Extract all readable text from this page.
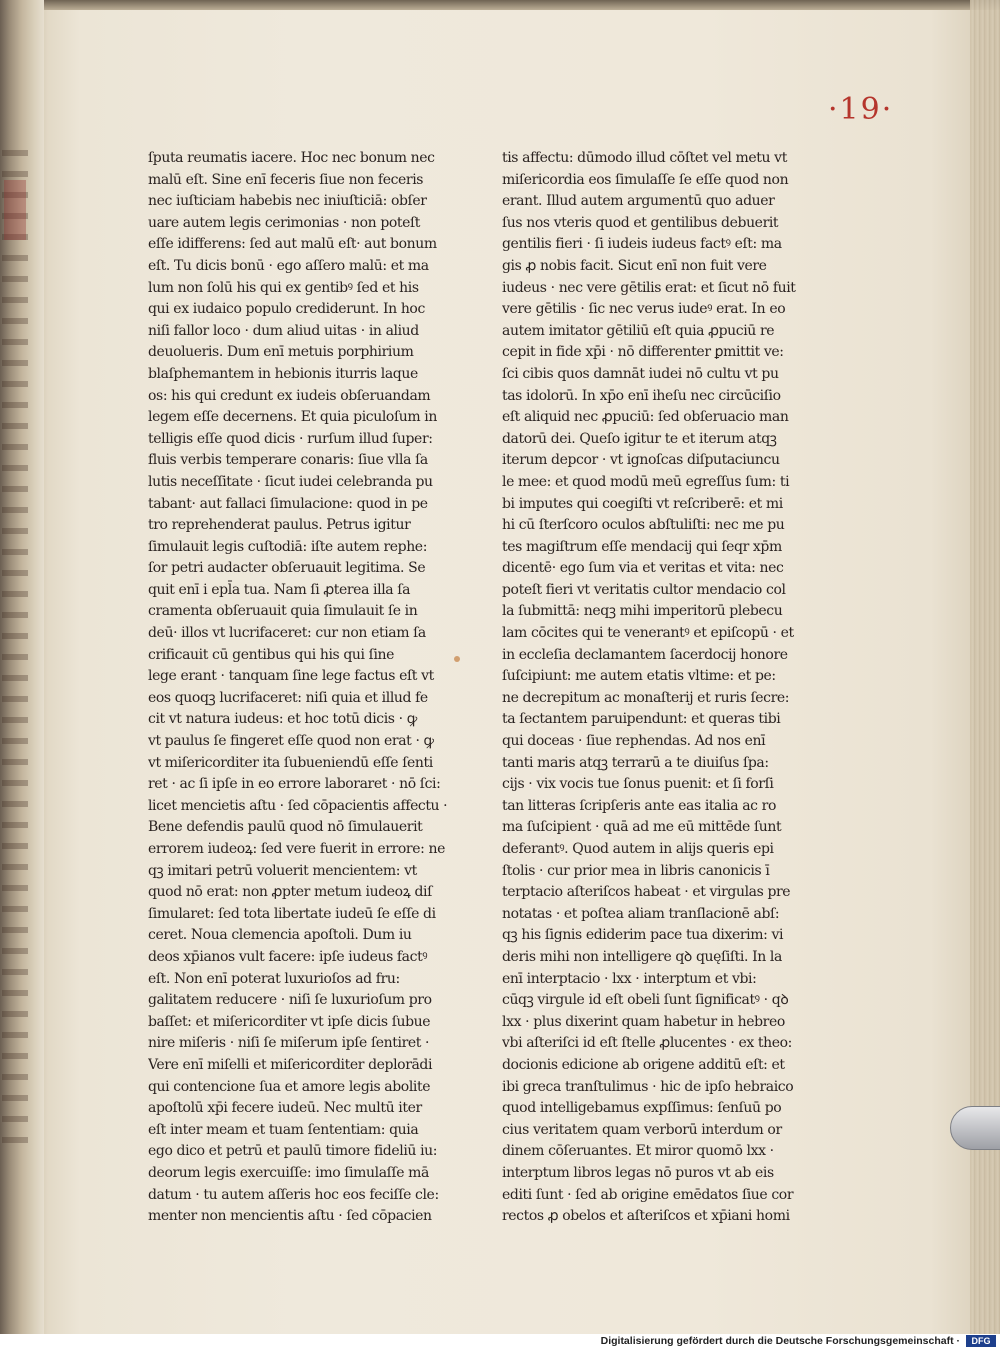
·19·
ſputa reumatis iacere. Hoc nec bonum nec
malū eſt. Sine enī feceris ſiue non feceris
nec iuſticiam habebis nec iniuſticiā: obſer
uare autem legis cerimonias · non poteſt
eſſe idifferens: ſed aut malū eſt· aut bonum
eſt. Tu dicis bonū · ego aſſero malū: et ma
lum non ſolū his qui ex gentibꝰ ſed et his
qui ex iudaico populo crediderunt. In hoc
niſi fallor loco · dum aliud uitas · in aliud
deuolueris. Dum enī metuis porphirium
blaſphemantem in hebionis iturris laque
os: his qui credunt ex iudeis obſeruandam
legem eſſe decernens. Et quia piculoſum in
telligis eſſe quod dicis · rurſum illud ſuper:
fluis verbis temperare conaris: ſiue vlla ſa
lutis neceſſitate · ſicut iudei celebranda pu
tabant· aut fallaci ſimulacione: quod in pe
tro reprehenderat paulus. Petrus igitur
ſimulauit legis cuſtodiā: iſte autem rephe:
ſor petri audacter obſeruauit legitima. Se
quit enī i epl̄a tua. Nam ſi ꝓterea illa ſa
cramenta obſeruauit quia ſimulauit ſe in
deū· illos vt lucrifaceret: cur non etiam ſa
crificauit cū gentibus qui his qui ſine
lege erant · tanquam ſine lege factus eſt vt
eos quoqꝫ lucrifaceret: niſi quia et illud fe
cit vt natura iudeus: et hoc totū dicis · ꝙ
vt paulus ſe fingeret eſſe quod non erat · ꝙ
vt miſericorditer ita ſubueniendū eſſe ſenti
ret · ac ſi ipſe in eo errore laboraret · nō ſci:
licet mencietis aſtu · ſed cōpacientis affectu ·
Bene defendis paulū quod nō ſimulauerit
errorem iudeoꝝ: ſed vere fuerit in errore: ne
qꝫ imitari petrū voluerit mencientem: vt
quod nō erat: non ꝓpter metum iudeoꝝ diſ
ſimularet: ſed tota libertate iudeū ſe eſſe di
ceret. Noua clemencia apoſtoli. Dum iu
deos xp̄ianos vult facere: ipſe iudeus factꝰ
eſt. Non enī poterat luxurioſos ad fru:
galitatem reducere · niſi ſe luxurioſum pro
baſſet: et miſericorditer vt ipſe dicis ſubue
nire miſeris · niſi ſe miſerum ipſe ſentiret ·
Vere enī miſelli et miſericorditer deplorādi
qui contencione ſua et amore legis abolite
apoſtolū xp̄i fecere iudeū. Nec multū iter
eſt inter meam et tuam ſententiam: quia
ego dico et petrū et paulū timore fideliū iu:
deorum legis exercuiſſe: imo ſimulaſſe mā
datum · tu autem aſſeris hoc eos feciſſe cle:
menter non mencientis aſtu · ſed cōpacien
tis affectu: dūmodo illud cōſtet vel metu vt
miſericordia eos ſimulaſſe ſe eſſe quod non
erant. Illud autem argumentū quo aduer
ſus nos vteris quod et gentilibus debuerit
gentilis fieri · ſi iudeis iudeus factꝰ eſt: ma
gis ꝓ nobis facit. Sicut enī non fuit vere
iudeus · nec vere gētilis erat: et ſicut nō fuit
vere gētilis · ſic nec verus iudeꝰ erat. In eo
autem imitator gētiliū eſt quia ꝓpuciū re
cepit in fide xp̄i · nō differenter ꝑmittit ve:
ſci cibis quos damnāt iudei nō cultu vt pu
tas idolorū. In xp̄o enī iheſu nec circūciſio
eſt aliquid nec ꝓpuciū: ſed obſeruacio man
datorū dei. Queſo igitur te et iterum atqꝫ
iterum depcor · vt ignoſcas diſputaciuncu
le mee: et quod modū meū egreſſus ſum: ti
bi imputes qui coegiſti vt reſcriberē: et mi
hi cū ſterſcoro oculos abſtuliſti: nec me pu
tes magiſtrum eſſe mendacij qui ſeqr xp̄m
dicentē· ego ſum via et veritas et vita: nec
poteſt fieri vt veritatis cultor mendacio col
la ſubmittā: neqꝫ mihi imperitorū plebecu
lam cōcites qui te venerantꝰ et epiſcopū · et
in eccleſia declamantem ſacerdocij honore
ſuſcipiunt: me autem etatis vltime: et pe:
ne decrepitum ac monaſterij et ruris ſecre:
ta ſectantem paruipendunt: et queras tibi
qui doceas · ſiue rephendas. Ad nos enī
tanti maris atqꝫ terrarū a te diuiſus ſpa:
cijs · vix vocis tue ſonus puenit: et ſi forſi
tan litteras ſcripſeris ante eas italia ac ro
ma ſuſcipient · quā ad me eū mittēde ſunt
deferantꝰ. Quod autem in alijs queris epi
ſtolis · cur prior mea in libris canonicis ī
terptacio aſteriſcos habeat · et virgulas pre
notatas · et poſtea aliam tranſlacionē abſ:
qꝫ his ſignis ediderim pace tua dixerim: vi
deris mihi non intelligere qꝺ quęſiſti. In la
enī interptacio · lxx · interptum et vbi:
cūqꝫ virgule id eſt obeli ſunt ſignificatꝰ · qꝺ
lxx · plus dixerint quam habetur in hebreo
vbi aſteriſci id eſt ſtelle ꝓlucentes · ex theo:
docionis edicione ab origene additū eſt: et
ibi greca tranſtulimus · hic de ipſo hebraico
quod intelligebamus expſſimus: ſenſuū po
cius veritatem quam verborū interdum or
dinem cōſeruantes. Et miror quomō lxx ·
interptum libros legas nō puros vt ab eis
editi ſunt · ſed ab origine emēdatos ſiue cor
rectos ꝓ obelos et aſteriſcos et xp̄iani homi
Digitalisierung gefördert durch die Deutsche Forschungsgemeinschaft ·	DFG
